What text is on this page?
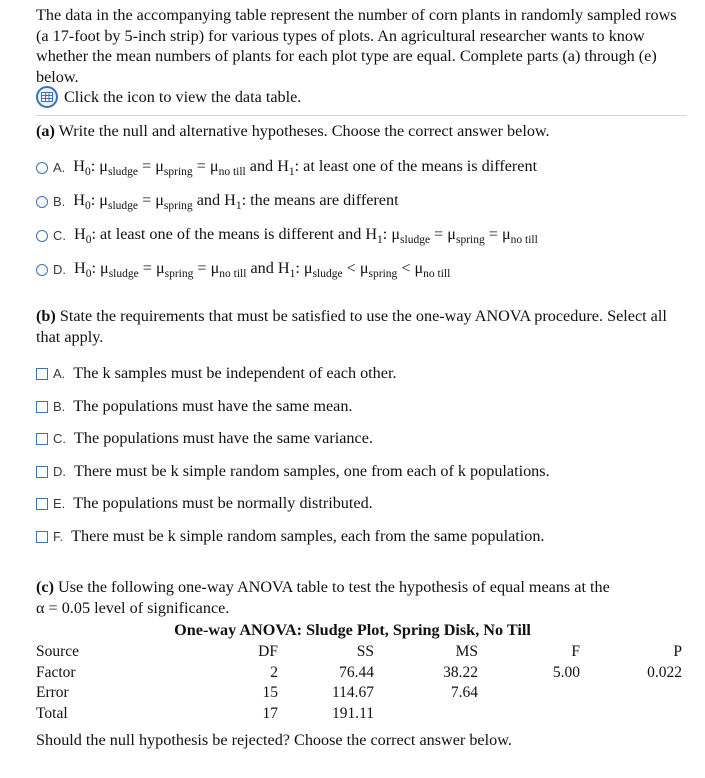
The data in the accompanying table represent the number of corn plants in randomly sampled rows (a 17-foot by 5-inch strip) for various types of plots. An agricultural researcher wants to know whether the mean numbers of plants for each plot type are equal. Complete parts (a) through (e) below.
Click the icon to view the data table.
(a) Write the null and alternative hypotheses. Choose the correct answer below.
A. $H_0$: $\mu_{sludge} = \mu_{spring} = \mu_{no till}$ and $H_1$: at least one of the means is different
B. $H_0$: $\mu_{sludge} = \mu_{spring}$ and $H_1$: the means are different
C. $H_0$: at least one of the means is different and $H_1$: $\mu_{sludge} = \mu_{spring} = \mu_{no till}$
D. $H_0$: $\mu_{sludge} = \mu_{spring} = \mu_{no till}$ and $H_1$: $\mu_{sludge} < \mu_{spring} < \mu_{no till}$
(b) State the requirements that must be satisfied to use the one-way ANOVA procedure. Select all that apply.
A. The k samples must be independent of each other.
B. The populations must have the same mean.
C. The populations must have the same variance.
D. There must be k simple random samples, one from each of k populations.
E. The populations must be normally distributed.
F. There must be k simple random samples, each from the same population.
(c) Use the following one-way ANOVA table to test the hypothesis of equal means at the
α = 0.05 level of significance.
One-way ANOVA: Sludge Plot, Spring Disk, No Till
Source	DF	SS	MS	F	P
Factor	2	76.44	38.22	5.00	0.022
Error	15	114.67	7.64		
Total	17	191.11			
Should the null hypothesis be rejected? Choose the correct answer below.
